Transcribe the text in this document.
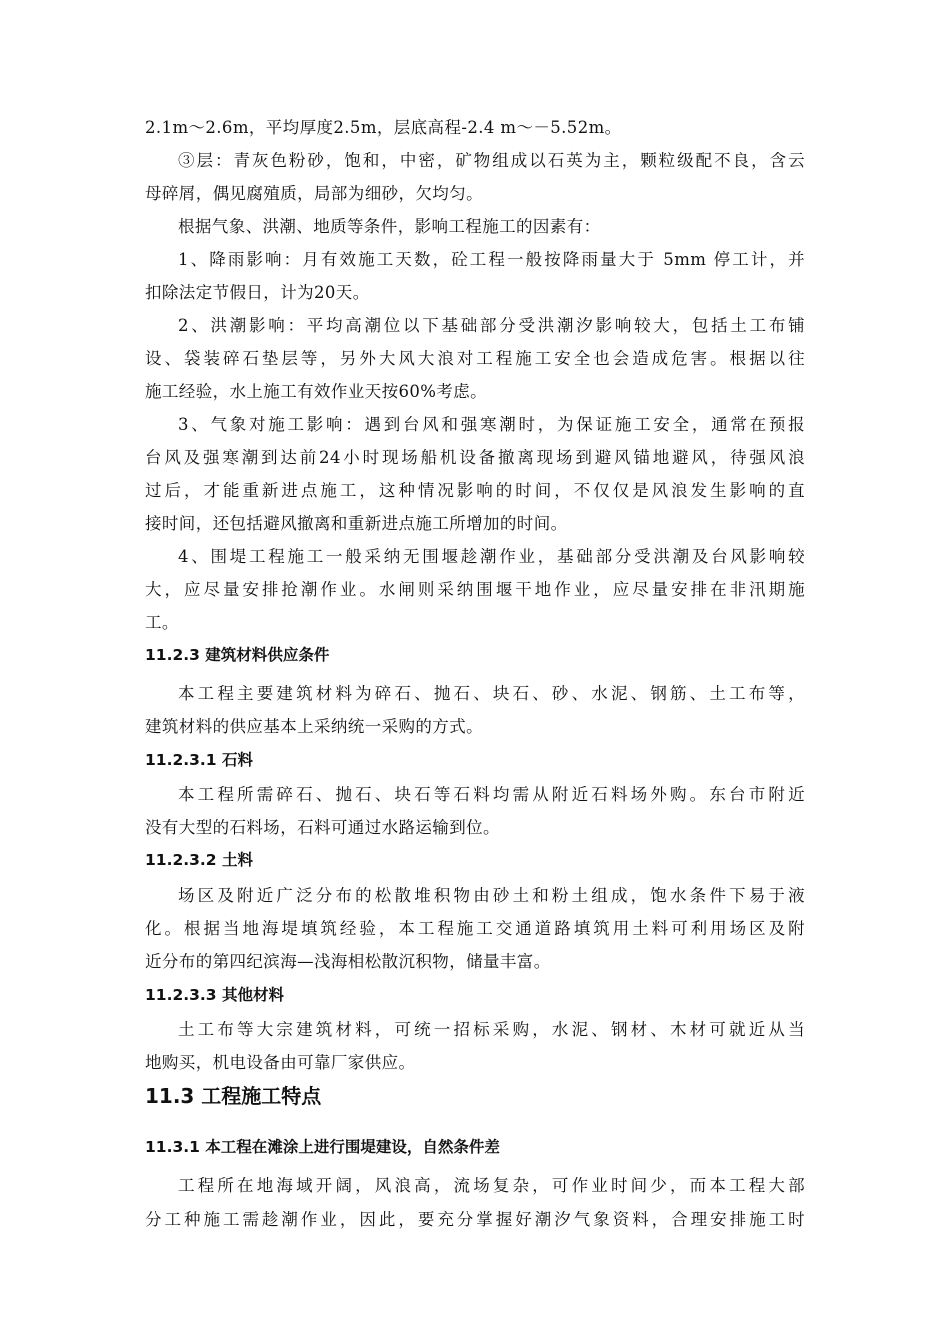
2.1m～2.6m，平均厚度2.5m，层底高程-2.4 m～－5.52m。
③层：青灰色粉砂，饱和，中密，矿物组成以石英为主，颗粒级配不良，含云
母碎屑，偶见腐殖质，局部为细砂，欠均匀。
根据气象、洪潮、地质等条件，影响工程施工的因素有：
1、降雨影响：月有效施工天数，砼工程一般按降雨量大于 5mm 停工计，并
扣除法定节假日，计为20天。
2、洪潮影响：平均高潮位以下基础部分受洪潮汐影响较大，包括土工布铺
设、袋装碎石垫层等，另外大风大浪对工程施工安全也会造成危害。根据以往
施工经验，水上施工有效作业天按60%考虑。
3、气象对施工影响：遇到台风和强寒潮时，为保证施工安全，通常在预报
台风及强寒潮到达前24小时现场船机设备撤离现场到避风锚地避风，待强风浪
过后，才能重新进点施工，这种情况影响的时间，不仅仅是风浪发生影响的直
接时间，还包括避风撤离和重新进点施工所增加的时间。
4、围堤工程施工一般采纳无围堰趁潮作业，基础部分受洪潮及台风影响较
大，应尽量安排抢潮作业。水闸则采纳围堰干地作业，应尽量安排在非汛期施
工。
11.2.3 建筑材料供应条件
本工程主要建筑材料为碎石、抛石、块石、砂、水泥、钢筋、土工布等，
建筑材料的供应基本上采纳统一采购的方式。
11.2.3.1 石料
本工程所需碎石、抛石、块石等石料均需从附近石料场外购。东台市附近
没有大型的石料场，石料可通过水路运输到位。
11.2.3.2 土料
场区及附近广泛分布的松散堆积物由砂土和粉土组成，饱水条件下易于液
化。根据当地海堤填筑经验，本工程施工交通道路填筑用土料可利用场区及附
近分布的第四纪滨海—浅海相松散沉积物，储量丰富。
11.2.3.3 其他材料
土工布等大宗建筑材料，可统一招标采购，水泥、钢材、木材可就近从当
地购买，机电设备由可靠厂家供应。
11.3 工程施工特点
11.3.1 本工程在滩涂上进行围堤建设，自然条件差
工程所在地海域开阔，风浪高，流场复杂，可作业时间少，而本工程大部
分工种施工需趁潮作业，因此，要充分掌握好潮汐气象资料，合理安排施工时
